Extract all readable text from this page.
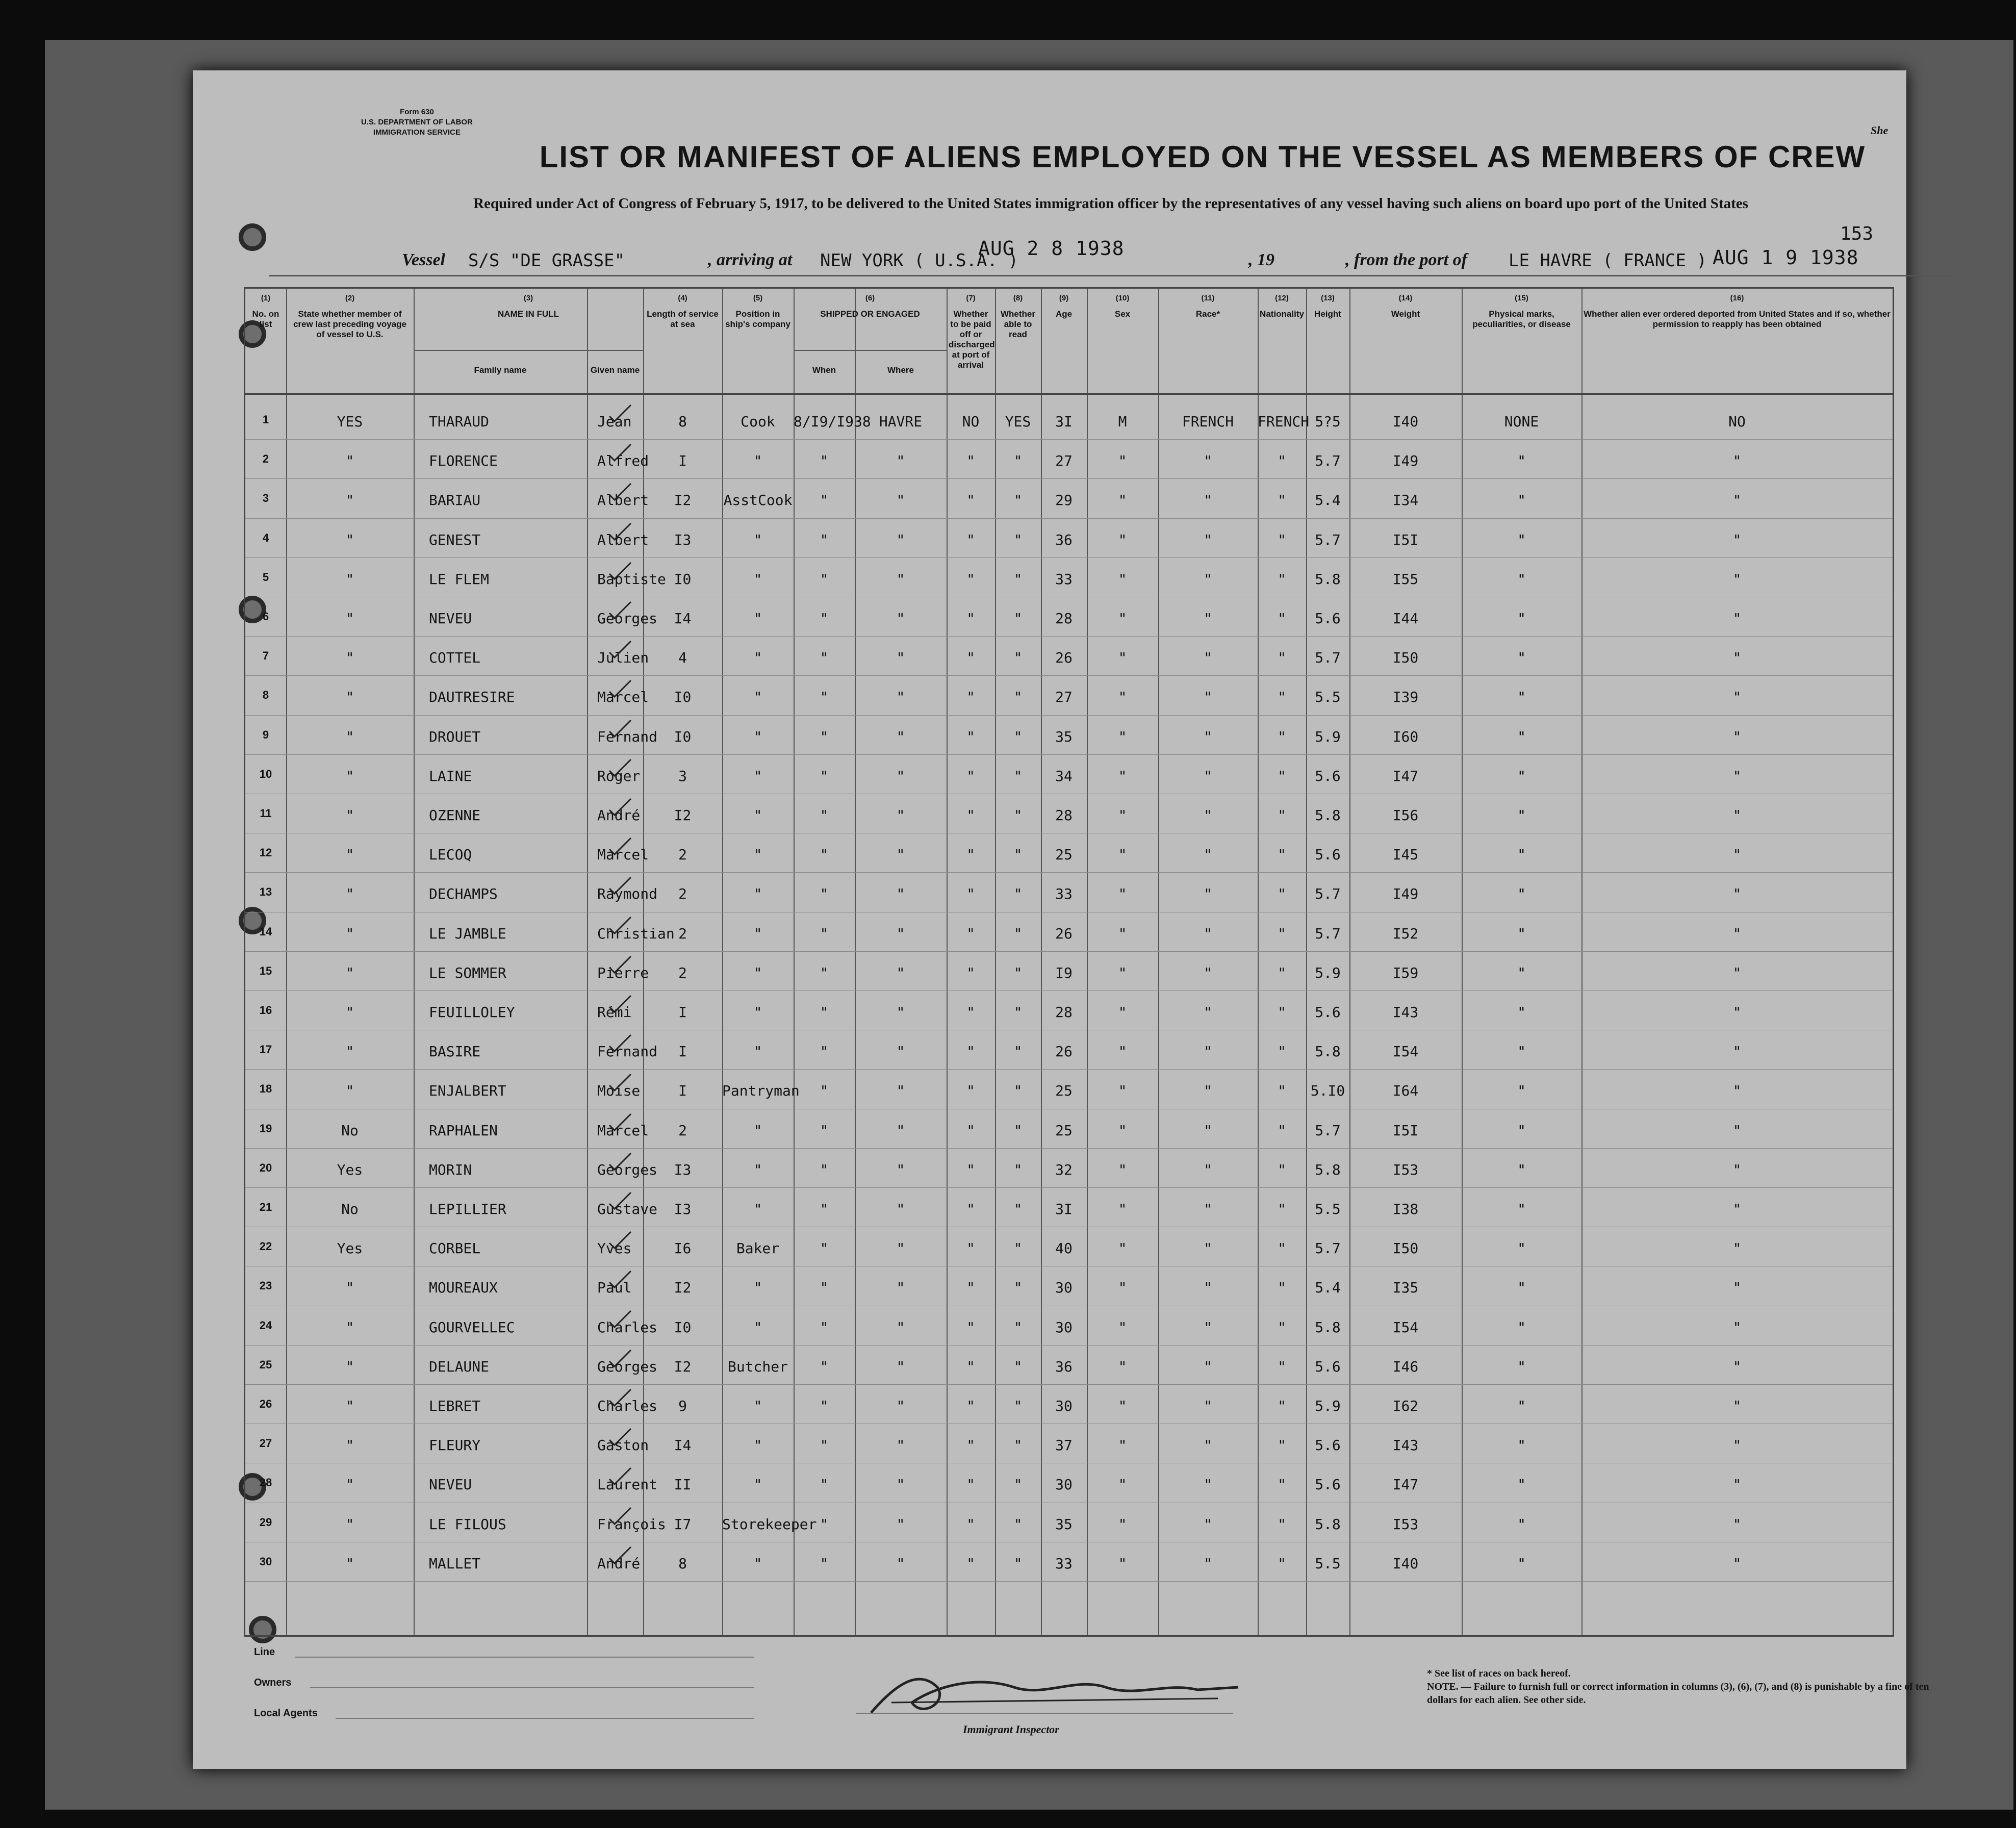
Form 630
U.S. DEPARTMENT OF LABOR
IMMIGRATION SERVICE	She
LIST OR MANIFEST OF ALIENS EMPLOYED ON THE VESSEL AS MEMBERS OF CREW
Required under Act of Congress of February 5, 1917, to be delivered to the United States immigration officer by the representatives of any vessel having such aliens on board upo port of the United States
153
Vessel S/S "DE GRASSE"	, arriving at NEW YORK ( U.S.A. )
AUG 2 8 1938
, 19	, from the port of LE HAVRE ( FRANCE ) AUG 1 9 1938
(1)
No. on list
(2)
State whether member of crew last preceding voyage of vessel to U.S.
(3)
NAME IN FULL
Family name	Given name
(4)
Length of service at sea
(5)
Position in ship's company
(6)
SHIPPED OR ENGAGED
When	Where
(7)
Whether to be paid off or discharged at port of arrival
(8)
Whether able to read
(9)
Age
(10)
Sex
(11)
Race*
(12)
Nationality
(13)
Height
(14)
Weight
(15)
Physical marks, peculiarities, or disease
(16)
Whether alien ever ordered deported from United States and if so, whether permission to reapply has been obtained
1	YES	THARAUD	Jean	8	Cook	8/I9/I938 HAVRE	NO	YES	3I	M	FRENCH	FRENCH 5?5	I40	NONE	NO
2	"	FLORENCE	Alfred	I	"	"	"	"	"	27	"	"	"	5.7	I49	"	"
3	"	BARIAU	Albert	I2	AsstCook	"	"	"	"	29	"	"	"	5.4	I34	"	"
4	"	GENEST	Albert	I3	"	"	"	"	"	36	"	"	"	5.7	I5I	"	"
5	"	LE FLEM	Baptiste I0	"	"	"	"	"	33	"	"	"	5.8	I55	"	"
6	"	NEVEU	Georges	I4	"	"	"	"	"	28	"	"	"	5.6	I44	"	"
7	"	COTTEL	Julien	4	"	"	"	"	"	26	"	"	"	5.7	I50	"	"
8	"	DAUTRESIRE	Marcel	I0	"	"	"	"	"	27	"	"	"	5.5	I39	"	"
9	"	DROUET	Fernand	I0	"	"	"	"	"	35	"	"	"	5.9	I60	"	"
10	"	LAINE	Roger	3	"	"	"	"	"	34	"	"	"	5.6	I47	"	"
11	"	OZENNE	André	I2	"	"	"	"	"	28	"	"	"	5.8	I56	"	"
12	"	LECOQ	Marcel	2	"	"	"	"	"	25	"	"	"	5.6	I45	"	"
13	"	DECHAMPS	Raymond	2	"	"	"	"	"	33	"	"	"	5.7	I49	"	"
14	"	LE JAMBLE	Christian 2	"	"	"	"	"	26	"	"	"	5.7	I52	"	"
15	"	LE SOMMER	Pierre	2	"	"	"	"	"	I9	"	"	"	5.9	I59	"	"
16	"	FEUILLOLEY	Rémi	I	"	"	"	"	"	28	"	"	"	5.6	I43	"	"
17	"	BASIRE	Fernand	I	"	"	"	"	"	26	"	"	"	5.8	I54	"	"
18	"	ENJALBERT	Moise	I	Pantryman	"	"	"	"	25	"	"	"	5.I0	I64	"	"
19	No	RAPHALEN	Marcel	2	"	"	"	"	"	25	"	"	"	5.7	I5I	"	"
20	Yes	MORIN	Georges	I3	"	"	"	"	"	32	"	"	"	5.8	I53	"	"
21	No	LEPILLIER	Gustave	I3	"	"	"	"	"	3I	"	"	"	5.5	I38	"	"
22	Yes	CORBEL	Yves	I6	Baker	"	"	"	"	40	"	"	"	5.7	I50	"	"
23	"	MOUREAUX	Paul	I2	"	"	"	"	"	30	"	"	"	5.4	I35	"	"
24	"	GOURVELLEC	Charles	I0	"	"	"	"	"	30	"	"	"	5.8	I54	"	"
25	"	DELAUNE	Georges	I2	Butcher	"	"	"	"	36	"	"	"	5.6	I46	"	"
26	"	LEBRET	Charles	9	"	"	"	"	"	30	"	"	"	5.9	I62	"	"
27	"	FLEURY	Gaston	I4	"	"	"	"	"	37	"	"	"	5.6	I43	"	"
28	"	NEVEU	Laurent	II	"	"	"	"	"	30	"	"	"	5.6	I47	"	"
29	"	LE FILOUS	François I7	Storekeeper "	"	"	"	35	"	"	"	5.8	I53	"	"
30	"	MALLET	André	8	"	"	"	"	"	33	"	"	"	5.5	I40	"	"
Line
Owners
Local Agents
Immigrant Inspector
* See list of races on back hereof.
NOTE. — Failure to furnish full or correct information in columns (3), (6), (7), and (8) is punishable by a fine of ten dollars for each alien. See other side.
